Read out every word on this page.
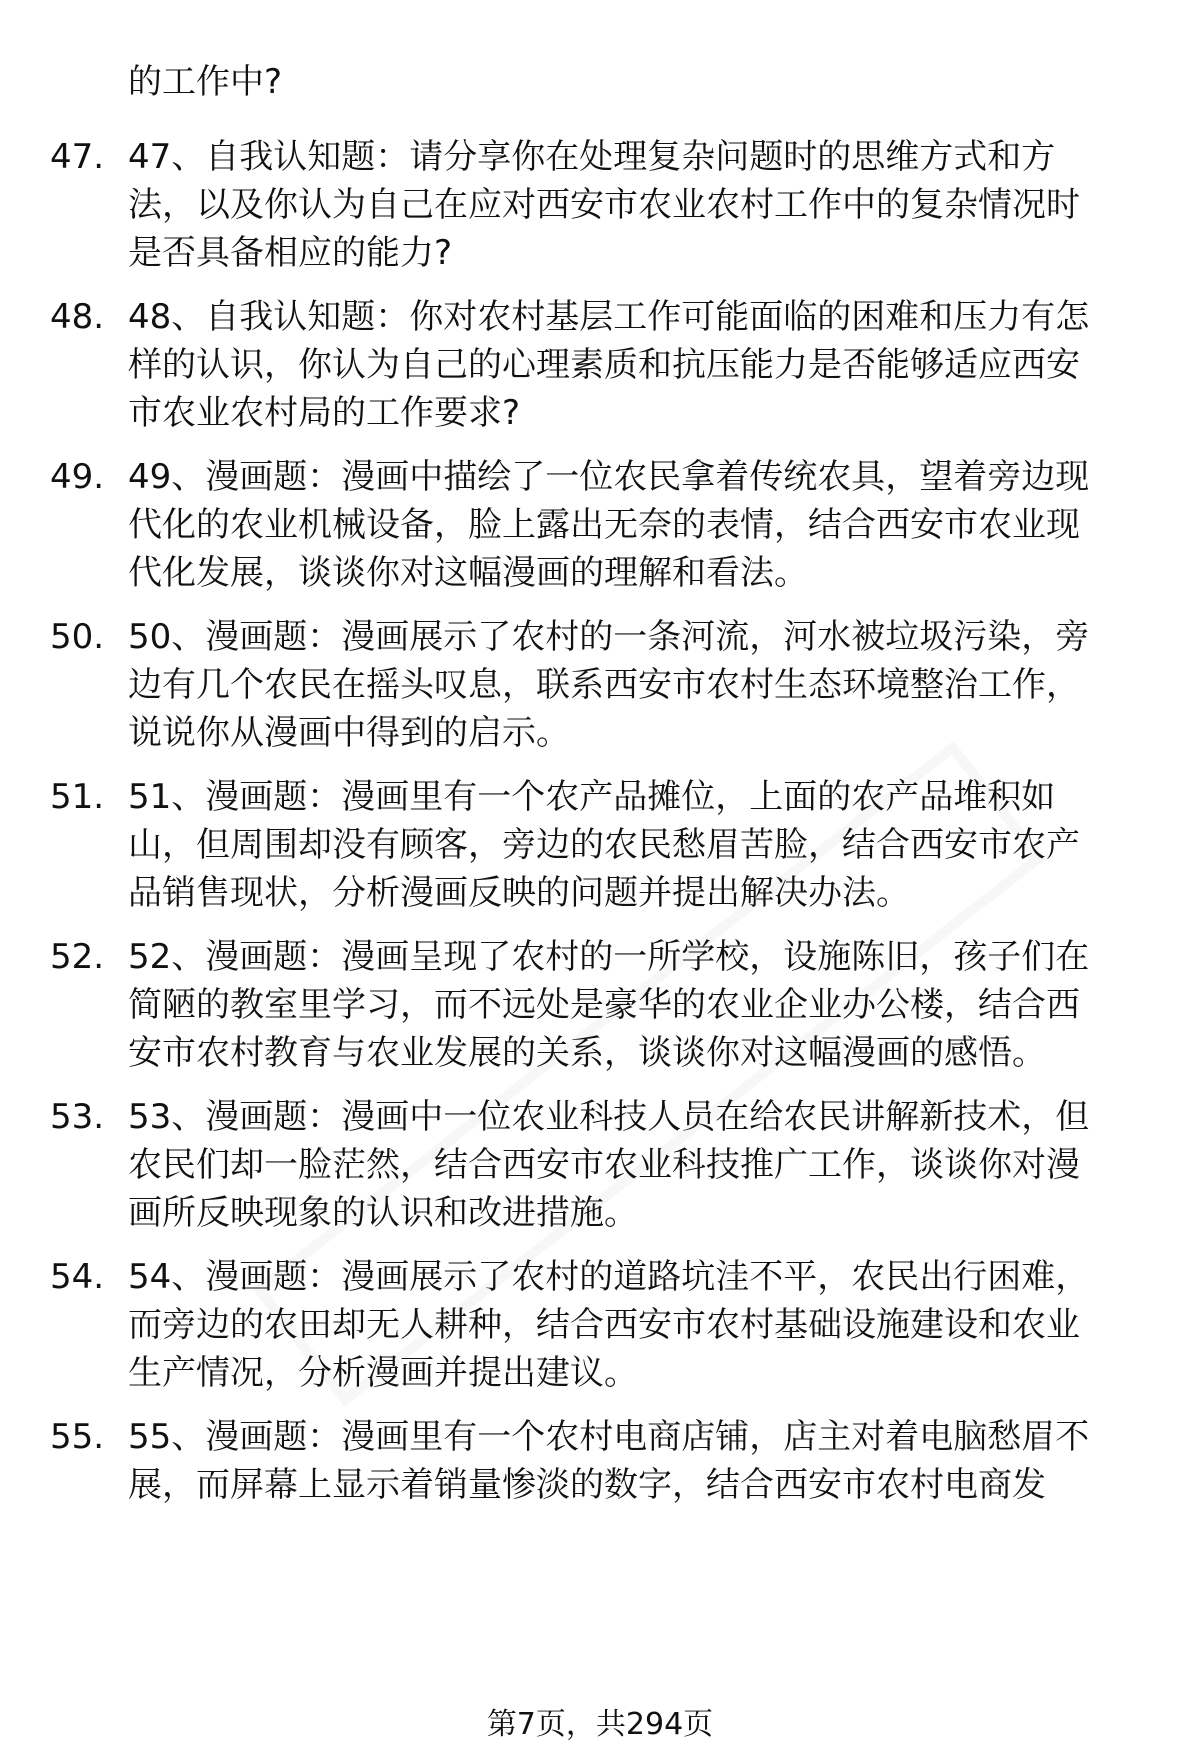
的工作中?
47. 47、自我认知题：请分享你在处理复杂问题时的思维方式和方
法，以及你认为自己在应对西安市农业农村工作中的复杂情况时
是否具备相应的能力?
48. 48、自我认知题：你对农村基层工作可能面临的困难和压力有怎
样的认识，你认为自己的心理素质和抗压能力是否能够适应西安
市农业农村局的工作要求?
49. 49、漫画题：漫画中描绘了一位农民拿着传统农具，望着旁边现
代化的农业机械设备，脸上露出无奈的表情，结合西安市农业现
代化发展，谈谈你对这幅漫画的理解和看法。
50. 50、漫画题：漫画展示了农村的一条河流，河水被垃圾污染，旁
边有几个农民在摇头叹息，联系西安市农村生态环境整治工作，
说说你从漫画中得到的启示。
51. 51、漫画题：漫画里有一个农产品摊位，上面的农产品堆积如
山，但周围却没有顾客，旁边的农民愁眉苦脸，结合西安市农产
品销售现状，分析漫画反映的问题并提出解决办法。
52. 52、漫画题：漫画呈现了农村的一所学校，设施陈旧，孩子们在
简陋的教室里学习，而不远处是豪华的农业企业办公楼，结合西
安市农村教育与农业发展的关系，谈谈你对这幅漫画的感悟。
53. 53、漫画题：漫画中一位农业科技人员在给农民讲解新技术，但
农民们却一脸茫然，结合西安市农业科技推广工作，谈谈你对漫
画所反映现象的认识和改进措施。
54. 54、漫画题：漫画展示了农村的道路坑洼不平，农民出行困难，
而旁边的农田却无人耕种，结合西安市农村基础设施建设和农业
生产情况，分析漫画并提出建议。
55. 55、漫画题：漫画里有一个农村电商店铺，店主对着电脑愁眉不
展，而屏幕上显示着销量惨淡的数字，结合西安市农村电商发
第7页，共294页
